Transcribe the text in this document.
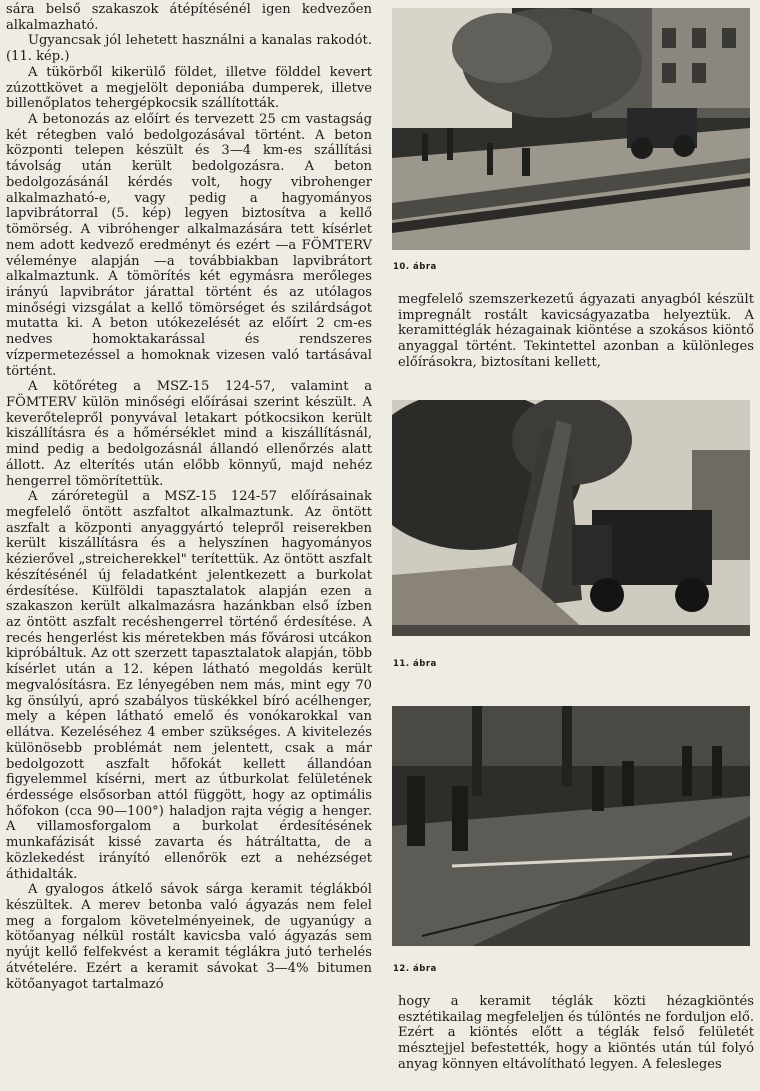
sára belső szakaszok átépítésénél igen kedvezően alkalmazható.

Ugyancsak jól lehetett használni a kanalas rakodót. (11. kép.)

A tükörből kikerülő földet, illetve földdel kevert zúzottkövet a megjelölt deponiába dumperek, illetve billenőplatos tehergépkocsik szállították.

A betonozás az előírt és tervezett 25 cm vastagság két rétegben való bedolgozásával történt. A beton központi telepen készült és 3—4 km-es szállítási távolság után került bedolgozásra. A beton bedolgozásánál kérdés volt, hogy vibrohenger alkalmazható-e, vagy pedig a hagyományos lapvibrátorral (5. kép) legyen biztosítva a kellő tömörség. A vibróhenger alkalmazására tett kísérlet nem adott kedvező eredményt és ezért —a FÖMTERV véleménye alapján —a továbbiakban lapvibrátort alkalmaztunk. A tömörítés két egymásra merőleges irányú lapvibrátor járattal történt és az utólagos minőségi vizsgálat a kellő tömörséget és szilárdságot mutatta ki. A beton utókezelését az előírt 2 cm-es nedves homoktakarással és rendszeres vízpermetezéssel a homoknak vizesen való tartásával történt.

A kötőréteg a MSZ-15 124-57, valamint a FÖMTERV külön minőségi előírásai szerint készült. A keverőtelepről ponyvával letakart pótkocsikon került kiszállításra és a hőmérséklet mind a kiszállításnál, mind pedig a bedolgozásnál állandó ellenőrzés alatt állott. Az elterítés után előbb könnyű, majd nehéz hengerrel tömörítettük.

A záróretegül a MSZ-15 124-57 előírásainak megfelelő öntött aszfaltot alkalmaztunk. Az öntött aszfalt a központi anyaggyártó telepről reiserekben került kiszállításra és a helyszínen hagyományos kézierővel „streicherekkel" terítettük. Az öntött aszfalt készítésénél új feladatként jelentkezett a burkolat érdesítése. Külföldi tapasztalatok alapján ezen a szakaszon került alkalmazásra hazánkban első ízben az öntött aszfalt recéshengerrel történő érdesítése. A recés hengerlést kis méretekben más fővárosi utcákon kipróbáltuk. Az ott szerzett tapasztalatok alapján, több kísérlet után a 12. képen látható megoldás került megvalósításra. Ez lényegében nem más, mint egy 70 kg önsúlyú, apró szabályos tüskékkel bíró acélhenger, mely a képen látható emelő és vonókarokkal van ellátva. Kezeléséhez 4 ember szükséges. A kivitelezés különösebb problémát nem jelentett, csak a már bedolgozott aszfalt hőfokát kellett állandóan figyelemmel kísérni, mert az útburkolat felületének érdessége elsősorban attól függött, hogy az optimális hőfokon (cca 90—100°) haladjon rajta végig a henger. A villamosforgalom a burkolat érdesítésének munkafázisát kissé zavarta és hátráltatta, de a közlekedést irányító ellenőrök ezt a nehézséget áthidalták.

A gyalogos átkelő sávok sárga keramit téglákból készültek. A merev betonba való ágyazás nem felel meg a forgalom követelményeinek, de ugyanúgy a kötőanyag nélkül rostált kavicsba való ágyazás sem nyújt kellő felfekvést a keramit téglákra jutó terhelés átvételére. Ezért a keramit sávokat 3—4% bitumen kötőanyagot tartalmazó

10. ábra

megfelelő szemszerkezetű ágyazati anyagból készült impregnált rostált kavicságyazatba helyeztük. A keramittéglák hézagainak kiöntése a szokásos kiöntő anyaggal történt. Tekintettel azonban a különleges előírásokra, biztosítani kellett,

11. ábra
12. ábra

hogy a keramit téglák közti hézagkiöntés esztétikailag megfeleljen és túlöntés ne forduljon elő. Ezért a kiöntés előtt a téglák felső felületét mésztejjel befestették, hogy a kiöntés után túl folyó anyag könnyen eltávolítható legyen. A felesleges
